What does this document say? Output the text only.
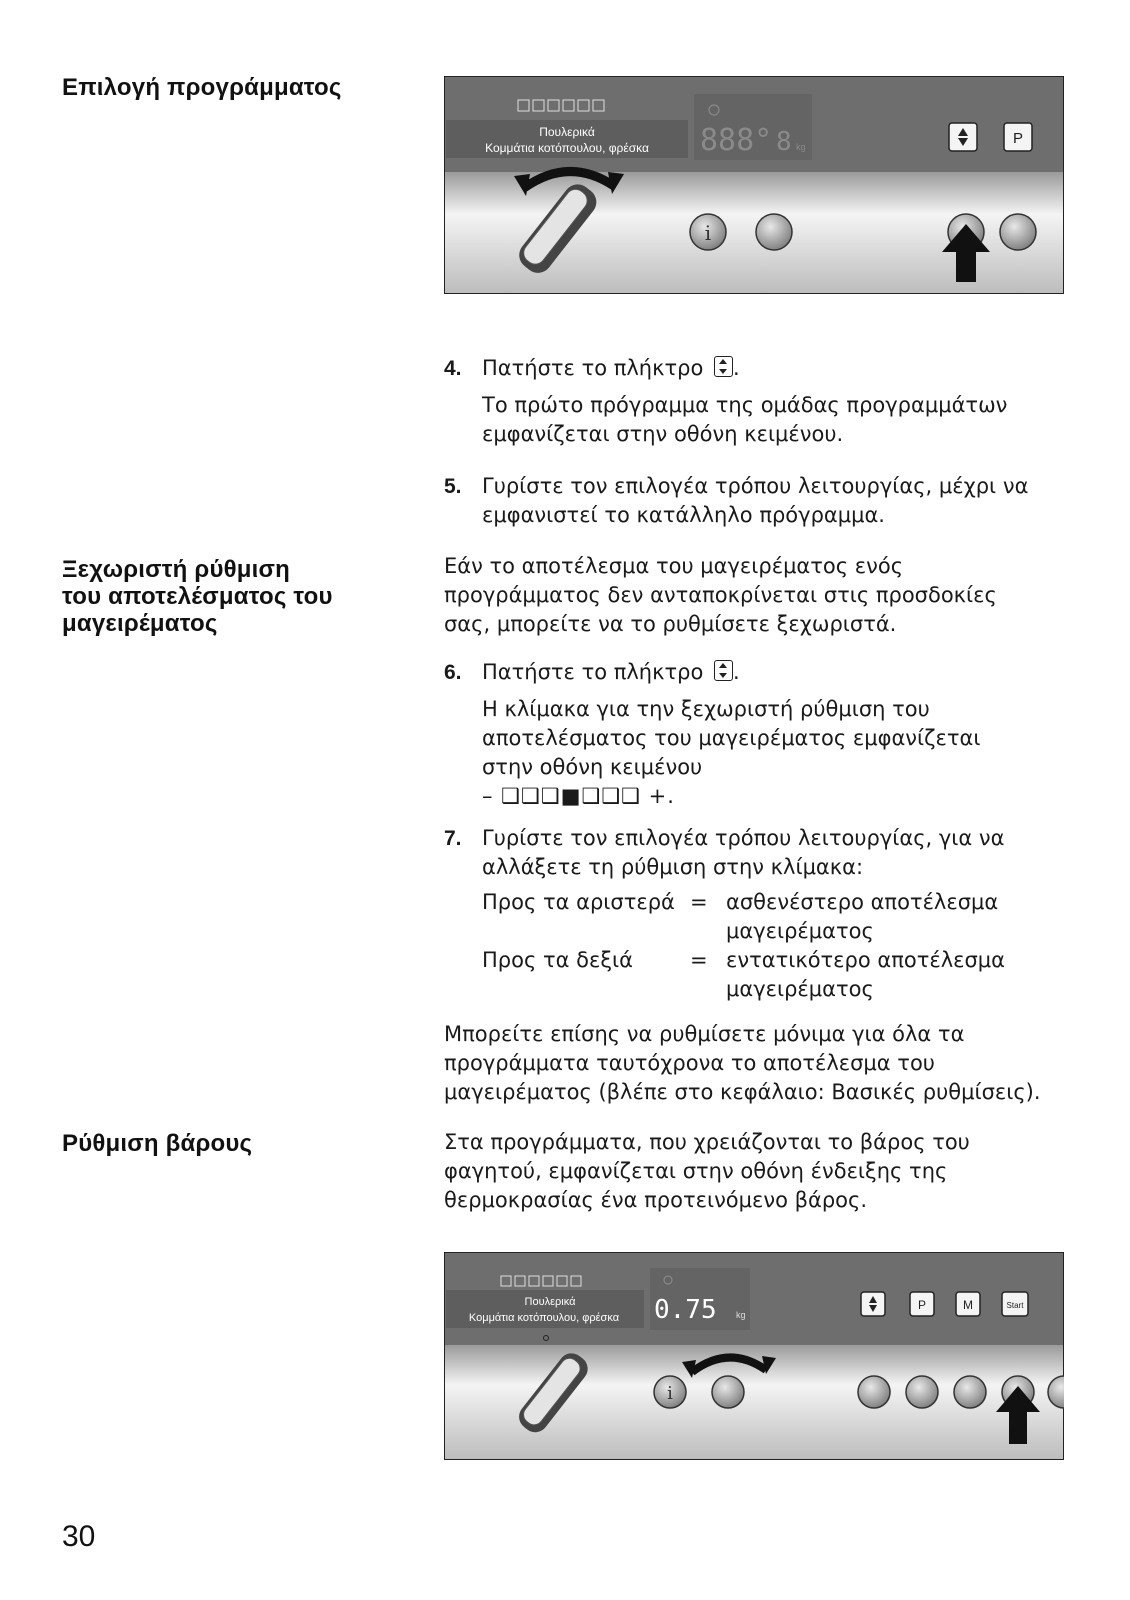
Επιλογή προγράμματος
Πουλερικά
Κομμάτια κοτόπουλου, φρέσκα 888° 8 kg	P
i
4. Πατήστε το πλήκτρο .
Το πρώτο πρόγραμμα της ομάδας προγραμμάτων
εμφανίζεται στην οθόνη κειμένου.
5. Γυρίστε τον επιλογέα τρόπου λειτουργίας, μέχρι να
εμφανιστεί το κατάλληλο πρόγραμμα.
Ξεχωριστή ρύθμιση
του αποτελέσματος του
μαγειρέματος
Εάν το αποτέλεσμα του μαγειρέματος ενός
προγράμματος δεν ανταποκρίνεται στις προσδοκίες
σας, μπορείτε να το ρυθμίσετε ξεχωριστά.
6. Πατήστε το πλήκτρο .
Η κλίμακα για την ξεχωριστή ρύθμιση του
αποτελέσματος του μαγειρέματος εμφανίζεται
στην οθόνη κειμένου
– ❑❑❑■❑❑❑ +.
7. Γυρίστε τον επιλογέα τρόπου λειτουργίας, για να
αλλάξετε τη ρύθμιση στην κλίμακα:
Προς τα αριστερά = ασθενέστερο αποτέλεσμα
μαγειρέματος
Προς τα δεξιά	= εντατικότερο αποτέλεσμα
μαγειρέματος
Μπορείτε επίσης να ρυθμίσετε μόνιμα για όλα τα
προγράμματα ταυτόχρονα το αποτέλεσμα του
μαγειρέματος (βλέπε στο κεφάλαιο: Βασικές ρυθμίσεις).
Ρύθμιση βάρους	Στα προγράμματα, που χρειάζονται το βάρος του
φαγητού, εμφανίζεται στην οθόνη ένδειξης της
θερμοκρασίας ένα προτεινόμενο βάρος.
Πουλερικά
Κομμάτια κοτόπουλου, φρέσκα 0.75 kg
P	M	Start
i
30
